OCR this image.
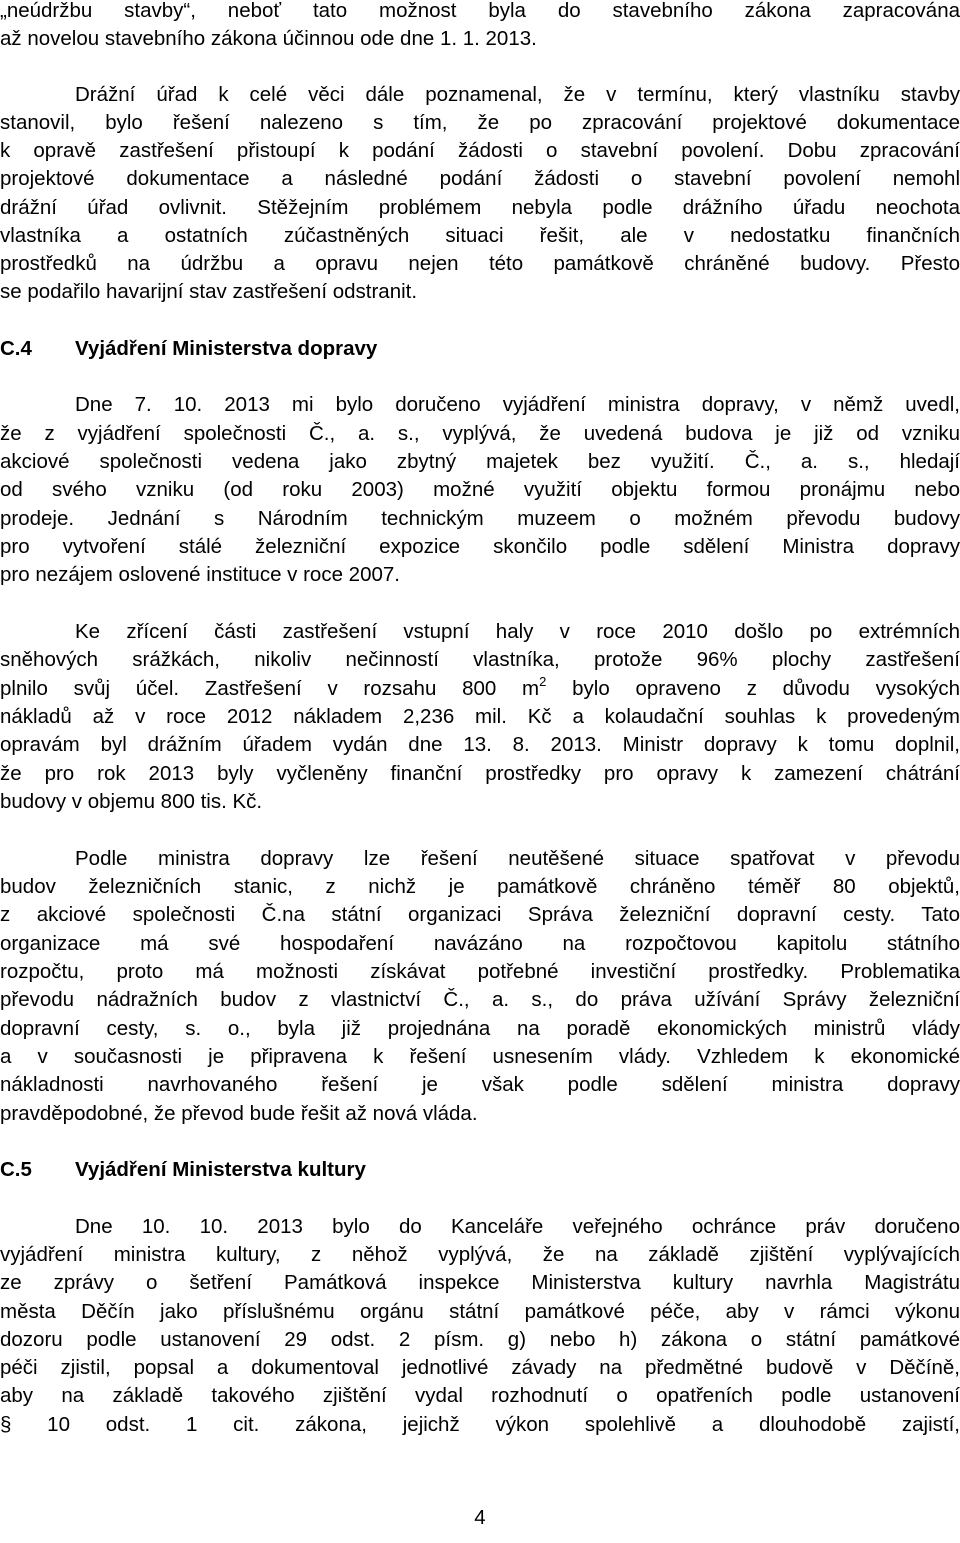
„neúdržbu stavby“, neboť tato možnost byla do stavebního zákona zapracována
až novelou stavebního zákona účinnou ode dne 1. 1. 2013.
Drážní úřad k celé věci dále poznamenal, že v termínu, který vlastníku stavby
stanovil, bylo řešení nalezeno s tím, že po zpracování projektové dokumentace
k opravě zastřešení přistoupí k podání žádosti o stavební povolení. Dobu zpracování
projektové dokumentace a následné podání žádosti o stavební povolení nemohl
drážní úřad ovlivnit. Stěžejním problémem nebyla podle drážního úřadu neochota
vlastníka a ostatních zúčastněných situaci řešit, ale v nedostatku finančních
prostředků na údržbu a opravu nejen této památkově chráněné budovy. Přesto
se podařilo havarijní stav zastřešení odstranit.
C.4 Vyjádření Ministerstva dopravy
Dne 7. 10. 2013 mi bylo doručeno vyjádření ministra dopravy, v němž uvedl,
že z vyjádření společnosti Č., a. s., vyplývá, že uvedená budova je již od vzniku
akciové společnosti vedena jako zbytný majetek bez využití. Č., a. s., hledají
od svého vzniku (od roku 2003) možné využití objektu formou pronájmu nebo
prodeje. Jednání s Národním technickým muzeem o možném převodu budovy
pro vytvoření stálé železniční expozice skončilo podle sdělení Ministra dopravy
pro nezájem oslovené instituce v roce 2007.
Ke zřícení části zastřešení vstupní haly v roce 2010 došlo po extrémních
sněhových srážkách, nikoliv nečinností vlastníka, protože 96% plochy zastřešení
plnilo svůj účel. Zastřešení v rozsahu 800 $m^2$ bylo opraveno z důvodu vysokých
nákladů až v roce 2012 nákladem 2,236 mil. Kč a kolaudační souhlas k provedeným
opravám byl drážním úřadem vydán dne 13. 8. 2013. Ministr dopravy k tomu doplnil,
že pro rok 2013 byly vyčleněny finanční prostředky pro opravy k zamezení chátrání
budovy v objemu 800 tis. Kč.
Podle ministra dopravy lze řešení neutěšené situace spatřovat v převodu
budov železničních stanic, z nichž je památkově chráněno téměř 80 objektů,
z akciové společnosti Č.na státní organizaci Správa železniční dopravní cesty. Tato
organizace má své hospodaření navázáno na rozpočtovou kapitolu státního
rozpočtu, proto má možnosti získávat potřebné investiční prostředky. Problematika
převodu nádražních budov z vlastnictví Č., a. s., do práva užívání Správy železniční
dopravní cesty, s. o., byla již projednána na poradě ekonomických ministrů vlády
a v současnosti je připravena k řešení usnesením vlády. Vzhledem k ekonomické
nákladnosti navrhovaného řešení je však podle sdělení ministra dopravy
pravděpodobné, že převod bude řešit až nová vláda.
C.5 Vyjádření Ministerstva kultury
Dne 10. 10. 2013 bylo do Kanceláře veřejného ochránce práv doručeno
vyjádření ministra kultury, z něhož vyplývá, že na základě zjištění vyplývajících
ze zprávy o šetření Památková inspekce Ministerstva kultury navrhla Magistrátu
města Děčín jako příslušnému orgánu státní památkové péče, aby v rámci výkonu
dozoru podle ustanovení 29 odst. 2 písm. g) nebo h) zákona o státní památkové
péči zjistil, popsal a dokumentoval jednotlivé závady na předmětné budově v Děčíně,
aby na základě takového zjištění vydal rozhodnutí o opatřeních podle ustanovení
§ 10 odst. 1 cit. zákona, jejichž výkon spolehlivě a dlouhodobě zajistí,
4
